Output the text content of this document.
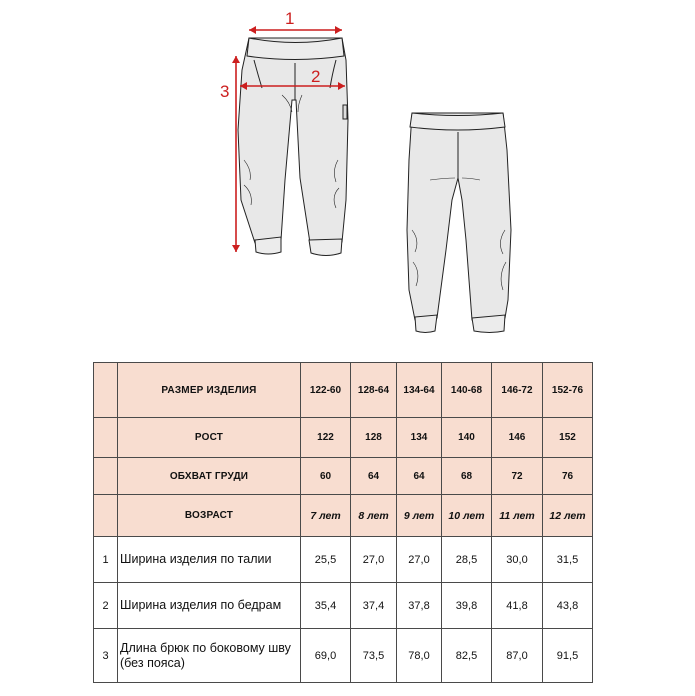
1
2
3
	РАЗМЕР ИЗДЕЛИЯ	122-60	128-64	134-64	140-68	146-72	152-76
	РОСТ	122	128	134	140	146	152
	ОБХВАТ ГРУДИ	60	64	64	68	72	76
	ВОЗРАСТ	7 лет	8 лет	9 лет	10 лет	11 лет	12 лет
1	Ширина изделия по талии	25,5	27,0	27,0	28,5	30,0	31,5
2	Ширина изделия по бедрам	35,4	37,4	37,8	39,8	41,8	43,8
3	Длина брюк по боковому шву (без пояса)	69,0	73,5	78,0	82,5	87,0	91,5
